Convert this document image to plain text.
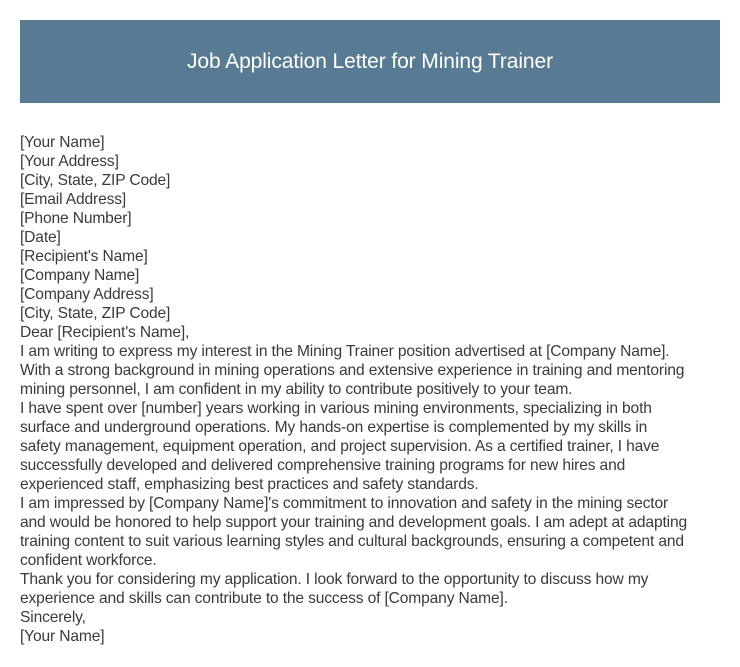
Job Application Letter for Mining Trainer
[Your Name]
[Your Address]
[City, State, ZIP Code]
[Email Address]
[Phone Number]
[Date]
[Recipient's Name]
[Company Name]
[Company Address]
[City, State, ZIP Code]
Dear [Recipient's Name],
I am writing to express my interest in the Mining Trainer position advertised at [Company Name].
With a strong background in mining operations and extensive experience in training and mentoring
mining personnel, I am confident in my ability to contribute positively to your team.
I have spent over [number] years working in various mining environments, specializing in both
surface and underground operations. My hands-on expertise is complemented by my skills in
safety management, equipment operation, and project supervision. As a certified trainer, I have
successfully developed and delivered comprehensive training programs for new hires and
experienced staff, emphasizing best practices and safety standards.
I am impressed by [Company Name]'s commitment to innovation and safety in the mining sector
and would be honored to help support your training and development goals. I am adept at adapting
training content to suit various learning styles and cultural backgrounds, ensuring a competent and
confident workforce.
Thank you for considering my application. I look forward to the opportunity to discuss how my
experience and skills can contribute to the success of [Company Name].
Sincerely,
[Your Name]
